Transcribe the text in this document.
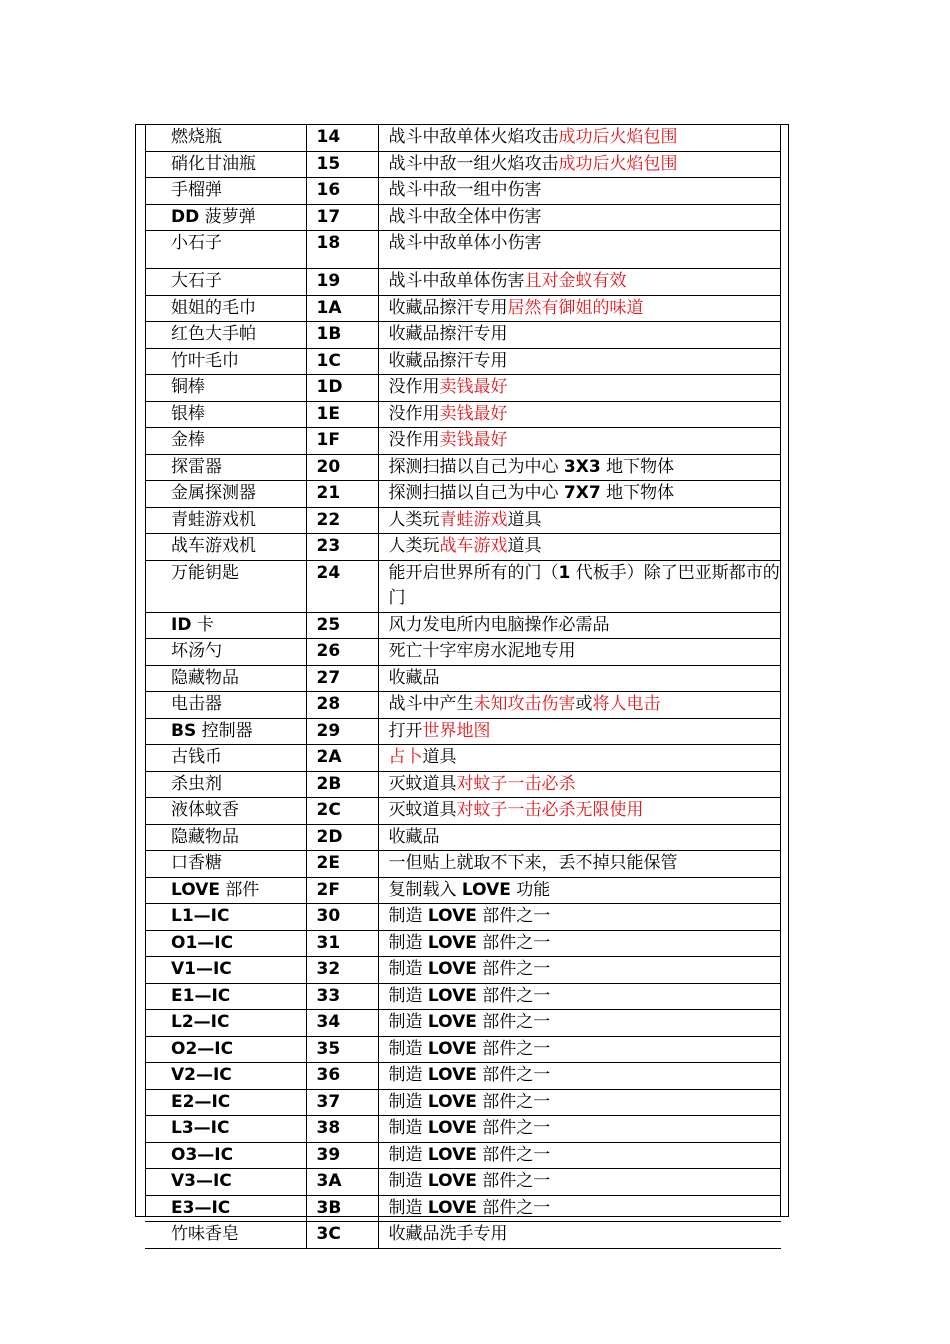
燃烧瓶	14	战斗中敌单体火焰攻击成功后火焰包围
硝化甘油瓶	15	战斗中敌一组火焰攻击成功后火焰包围
手榴弹	16	战斗中敌一组中伤害
DD 菠萝弹	17	战斗中敌全体中伤害
小石子	18	战斗中敌单体小伤害
大石子	19	战斗中敌单体伤害且对金蚁有效
姐姐的毛巾	1A	收藏品擦汗专用居然有御姐的味道
红色大手帕	1B	收藏品擦汗专用
竹叶毛巾	1C	收藏品擦汗专用
铜棒	1D	没作用卖钱最好
银棒	1E	没作用卖钱最好
金棒	1F	没作用卖钱最好
探雷器	20	探测扫描以自己为中心 3X3 地下物体
金属探测器	21	探测扫描以自己为中心 7X7 地下物体
青蛙游戏机	22	人类玩青蛙游戏道具
战车游戏机	23	人类玩战车游戏道具
万能钥匙	24	能开启世界所有的门（1 代板手）除了巴亚斯都市的门
ID 卡	25	风力发电所内电脑操作必需品
坏汤勺	26	死亡十字牢房水泥地专用
隐藏物品	27	收藏品
电击器	28	战斗中产生未知攻击伤害或将人电击
BS 控制器	29	打开世界地图
古钱币	2A	占卜道具
杀虫剂	2B	灭蚊道具对蚊子一击必杀
液体蚊香	2C	灭蚊道具对蚊子一击必杀无限使用
隐藏物品	2D	收藏品
口香糖	2E	一但贴上就取不下来，丢不掉只能保管
LOVE 部件	2F	复制载入 LOVE 功能
L1—IC	30	制造 LOVE 部件之一
O1—IC	31	制造 LOVE 部件之一
V1—IC	32	制造 LOVE 部件之一
E1—IC	33	制造 LOVE 部件之一
L2—IC	34	制造 LOVE 部件之一
O2—IC	35	制造 LOVE 部件之一
V2—IC	36	制造 LOVE 部件之一
E2—IC	37	制造 LOVE 部件之一
L3—IC	38	制造 LOVE 部件之一
O3—IC	39	制造 LOVE 部件之一
V3—IC	3A	制造 LOVE 部件之一
E3—IC	3B	制造 LOVE 部件之一
竹味香皂	3C	收藏品洗手专用
